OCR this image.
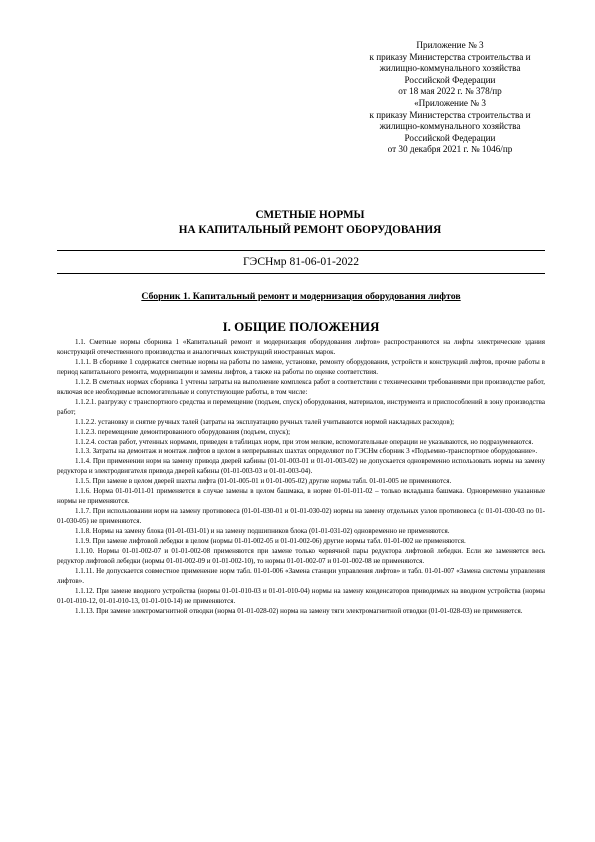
Приложение № 3
к приказу Министерства строительства и
жилищно-коммунального хозяйства
Российской Федерации
от 18 мая 2022 г. № 378/пр
«Приложение № 3
к приказу Министерства строительства и
жилищно-коммунального хозяйства
Российской Федерации
от 30 декабря 2021 г. № 1046/пр
СМЕТНЫЕ НОРМЫ
НА КАПИТАЛЬНЫЙ РЕМОНТ ОБОРУДОВАНИЯ
ГЭСНмр 81-06-01-2022
Сборник 1. Капитальный ремонт и модернизация оборудования лифтов
I. ОБЩИЕ ПОЛОЖЕНИЯ

1.1. Сметные нормы сборника 1 «Капитальный ремонт и модернизация оборудования лифтов» распространяются на лифты электрические здания конструкций отечественного производства и аналогичных конструкций иностранных марок.

1.1.1. В сборнике 1 содержатся сметные нормы на работы по замене, установке, ремонту оборудования, устройств и конструкций лифтов, прочие работы в период капитального ремонта, модернизации и замены лифтов, а также на работы по оценке соответствия.

1.1.2. В сметных нормах сборника 1 учтены затраты на выполнение комплекса работ в соответствии с техническими требованиями при производстве работ, включая все необходимые вспомогательные и сопутствующие работы, в том числе:

1.1.2.1. разгрузку с транспортного средства и перемещение (подъем, спуск) оборудования, материалов, инструмента и приспособлений в зону производства работ;

1.1.2.2. установку и снятие ручных талей (затраты на эксплуатацию ручных талей учитываются нормой накладных расходов);

1.1.2.3. перемещение демонтированного оборудования (подъем, спуск);

1.1.2.4. состав работ, учтенных нормами, приведен в таблицах норм, при этом мелкие, вспомогательные операции не указываются, но подразумеваются.

1.1.3. Затраты на демонтаж и монтаж лифтов в целом в непрерывных шахтах определяют по ГЭСНм сборник 3 «Подъемно-транспортное оборудование».

1.1.4. При применении норм на замену привода дверей кабины (01-01-003-01 и 01-01-003-02) не допускается одновременно использовать нормы на замену редуктора и электродвигателя привода дверей кабины (01-01-003-03 и 01-01-003-04).

1.1.5. При замене в целом дверей шахты лифта (01-01-005-01 и 01-01-005-02) другие нормы табл. 01-01-005 не применяются.

1.1.6. Норма 01-01-011-01 применяется в случае замены в целом башмака, в норме 01-01-011-02 – только вкладыша башмака. Одновременно указанные нормы не применяются.

1.1.7. При использовании норм на замену противовеса (01-01-030-01 и 01-01-030-02) нормы на замену отдельных узлов противовеса (с 01-01-030-03 по 01-01-030-05) не применяются.

1.1.8. Нормы на замену блока (01-01-031-01) и на замену подшипников блока (01-01-031-02) одновременно не применяются.

1.1.9. При замене лифтовой лебедки в целом (нормы 01-01-002-05 и 01-01-002-06) другие нормы табл. 01-01-002 не применяются.

1.1.10. Нормы 01-01-002-07 и 01-01-002-08 применяются при замене только червячной пары редуктора лифтовой лебедки. Если же заменяется весь редуктор лифтовой лебедки (нормы 01-01-002-09 и 01-01-002-10), то нормы 01-01-002-07 и 01-01-002-08 не применяются.

1.1.11. Не допускается совместное применение норм табл. 01-01-006 «Замена станции управления лифтов» и табл. 01-01-007 «Замена системы управления лифтов».

1.1.12. При замене вводного устройства (нормы 01-01-010-03 и 01-01-010-04) нормы на замену конденсаторов приводимых на вводном устройства (нормы 01-01-010-12, 01-01-010-13, 01-01-010-14) не применяются.

1.1.13. При замене электромагнитной отводки (норма 01-01-028-02) норма на замену тяги электромагнитной отводки (01-01-028-03) не применяется.
